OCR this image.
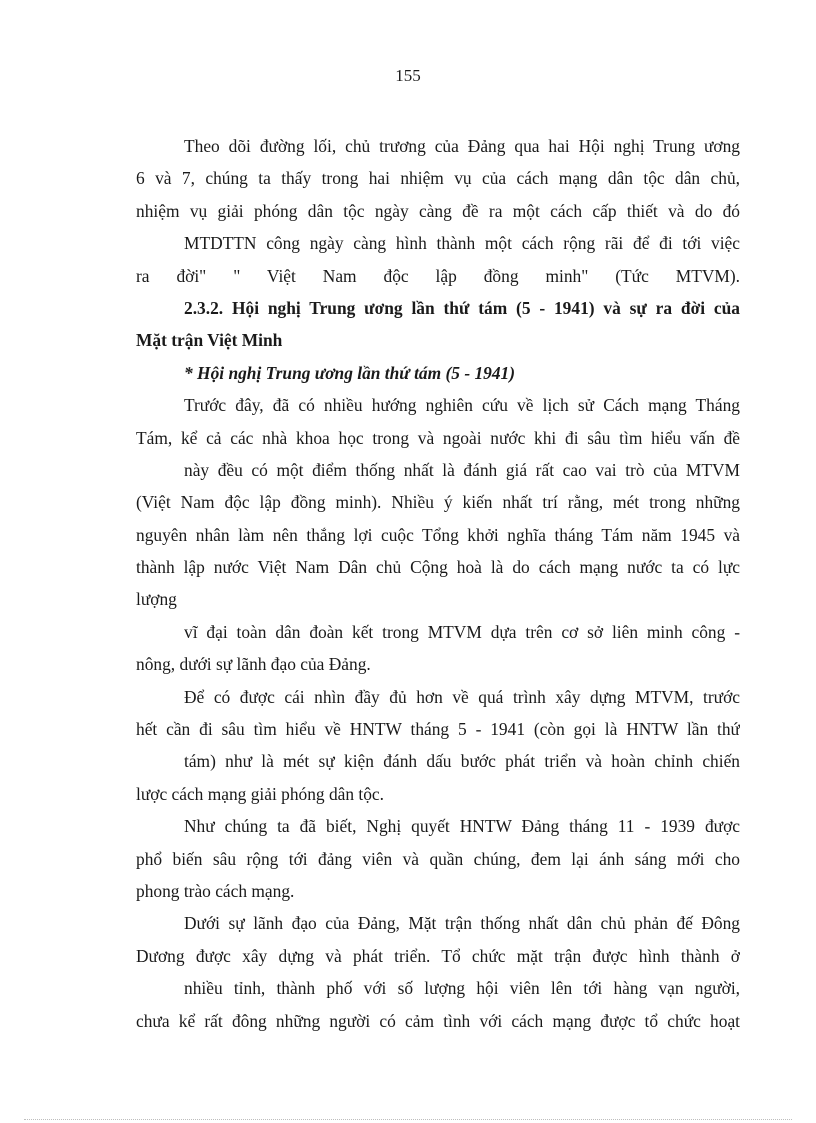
155
Theo dõi đường lối, chủ trương của Đảng qua hai Hội nghị Trung ương
6 và 7, chúng ta thấy trong hai nhiệm vụ của cách mạng dân tộc dân chủ,
nhiệm vụ giải phóng dân tộc ngày càng đề ra một cách cấp thiết và do đó
MTDTTN công ngày càng hình thành một cách rộng rãi để đi tới việc
ra đời" " Việt Nam độc lập đồng minh" (Tức MTVM).
2.3.2. Hội nghị Trung ương lần thứ tám (5 - 1941) và sự ra đời của
Mặt trận Việt Minh
* Hội nghị Trung ương lần thứ tám (5 - 1941)
Trước đây, đã có nhiều hướng nghiên cứu về lịch sử Cách mạng Tháng
Tám, kể cả các nhà khoa học trong và ngoài nước khi đi sâu tìm hiểu vấn đề
này đều có một điểm thống nhất là đánh giá rất cao vai trò của MTVM
(Việt Nam độc lập đồng minh). Nhiều ý kiến nhất trí rằng, mét trong những
nguyên nhân làm nên thắng lợi cuộc Tổng khởi nghĩa tháng Tám năm 1945 và
thành lập nước Việt Nam Dân chủ Cộng hoà là do cách mạng nước ta có lực
lượng
vĩ đại toàn dân đoàn kết trong MTVM dựa trên cơ sở liên minh công -
nông, dưới sự lãnh đạo của Đảng.
Để có được cái nhìn đầy đủ hơn về quá trình xây dựng MTVM, trước
hết cần đi sâu tìm hiểu về HNTW tháng 5 - 1941 (còn gọi là HNTW lần thứ
tám) như là mét sự kiện đánh dấu bước phát triển và hoàn chỉnh chiến
lược cách mạng giải phóng dân tộc.
Như chúng ta đã biết, Nghị quyết HNTW Đảng tháng 11 - 1939 được
phổ biến sâu rộng tới đảng viên và quần chúng, đem lại ánh sáng mới cho
phong trào cách mạng.
Dưới sự lãnh đạo của Đảng, Mặt trận thống nhất dân chủ phản đế Đông
Dương được xây dựng và phát triển. Tổ chức mặt trận được hình thành ở
nhiều tỉnh, thành phố với số lượng hội viên lên tới hàng vạn người,
chưa kể rất đông những người có cảm tình với cách mạng được tổ chức hoạt
